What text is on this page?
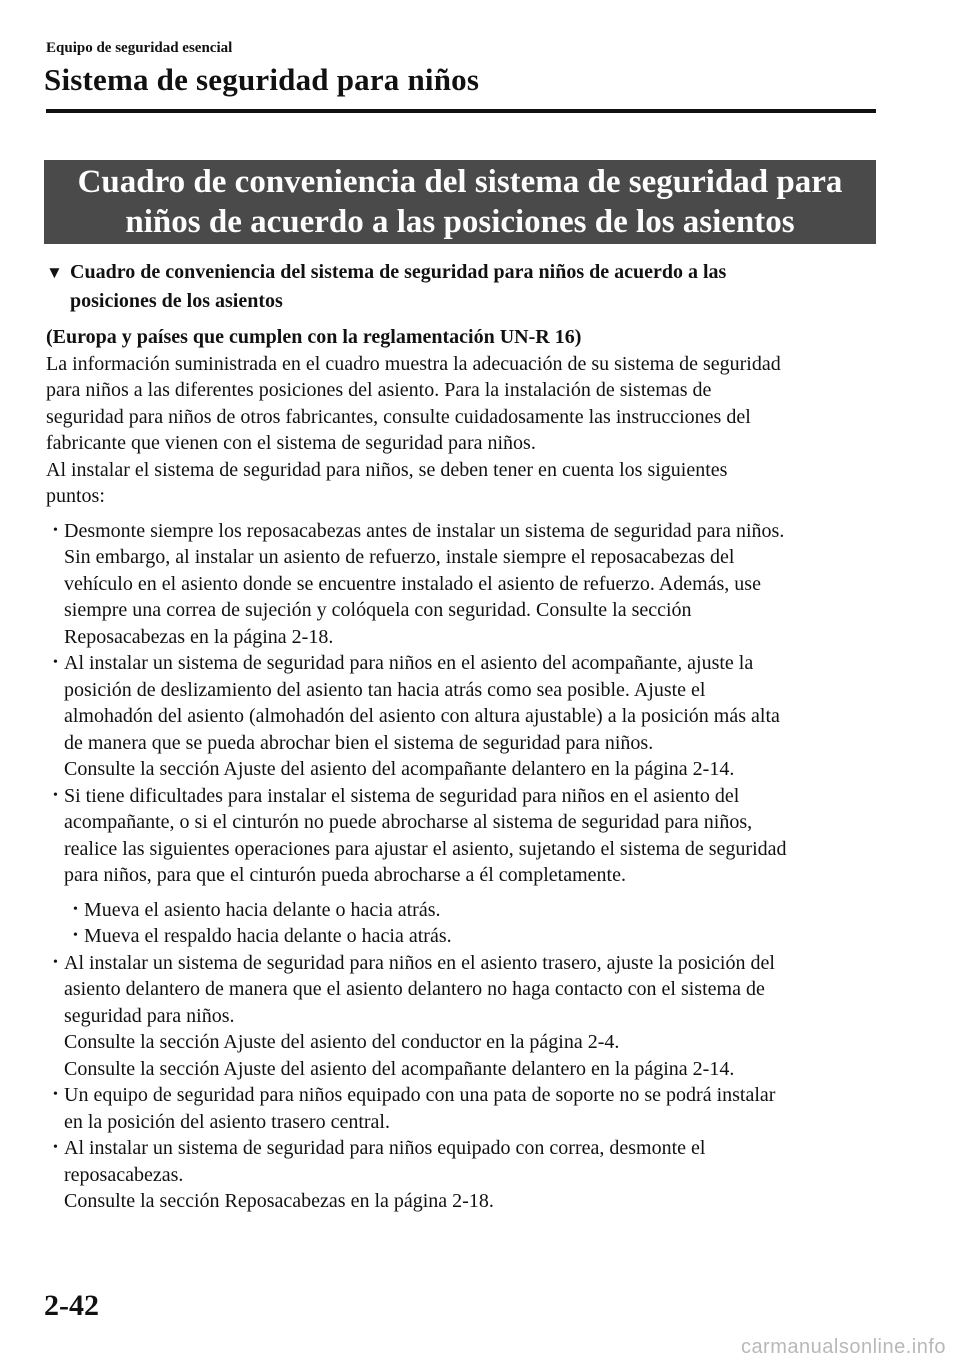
Equipo de seguridad esencial
Sistema de seguridad para niños
Cuadro de conveniencia del sistema de seguridad para
niños de acuerdo a las posiciones de los asientos
▼ Cuadro de conveniencia del sistema de seguridad para niños de acuerdo a las
posiciones de los asientos

(Europa y países que cumplen con la reglamentación UN-R 16)

La información suministrada en el cuadro muestra la adecuación de su sistema de seguridad
para niños a las diferentes posiciones del asiento. Para la instalación de sistemas de
seguridad para niños de otros fabricantes, consulte cuidadosamente las instrucciones del
fabricante que vienen con el sistema de seguridad para niños.
Al instalar el sistema de seguridad para niños, se deben tener en cuenta los siguientes
puntos:
• Desmonte siempre los reposacabezas antes de instalar un sistema de seguridad para niños.
Sin embargo, al instalar un asiento de refuerzo, instale siempre el reposacabezas del
vehículo en el asiento donde se encuentre instalado el asiento de refuerzo. Además, use
siempre una correa de sujeción y colóquela con seguridad. Consulte la sección
Reposacabezas en la página 2-18.
• Al instalar un sistema de seguridad para niños en el asiento del acompañante, ajuste la
posición de deslizamiento del asiento tan hacia atrás como sea posible. Ajuste el
almohadón del asiento (almohadón del asiento con altura ajustable) a la posición más alta
de manera que se pueda abrochar bien el sistema de seguridad para niños.
Consulte la sección Ajuste del asiento del acompañante delantero en la página 2-14.
• Si tiene dificultades para instalar el sistema de seguridad para niños en el asiento del
acompañante, o si el cinturón no puede abrocharse al sistema de seguridad para niños,
realice las siguientes operaciones para ajustar el asiento, sujetando el sistema de seguridad
para niños, para que el cinturón pueda abrocharse a él completamente.
• Mueva el asiento hacia delante o hacia atrás.
• Mueva el respaldo hacia delante o hacia atrás.
• Al instalar un sistema de seguridad para niños en el asiento trasero, ajuste la posición del
asiento delantero de manera que el asiento delantero no haga contacto con el sistema de
seguridad para niños.
Consulte la sección Ajuste del asiento del conductor en la página 2-4.
Consulte la sección Ajuste del asiento del acompañante delantero en la página 2-14.
• Un equipo de seguridad para niños equipado con una pata de soporte no se podrá instalar
en la posición del asiento trasero central.
• Al instalar un sistema de seguridad para niños equipado con correa, desmonte el
reposacabezas.
Consulte la sección Reposacabezas en la página 2-18.
2-42
carmanualsonline.info
